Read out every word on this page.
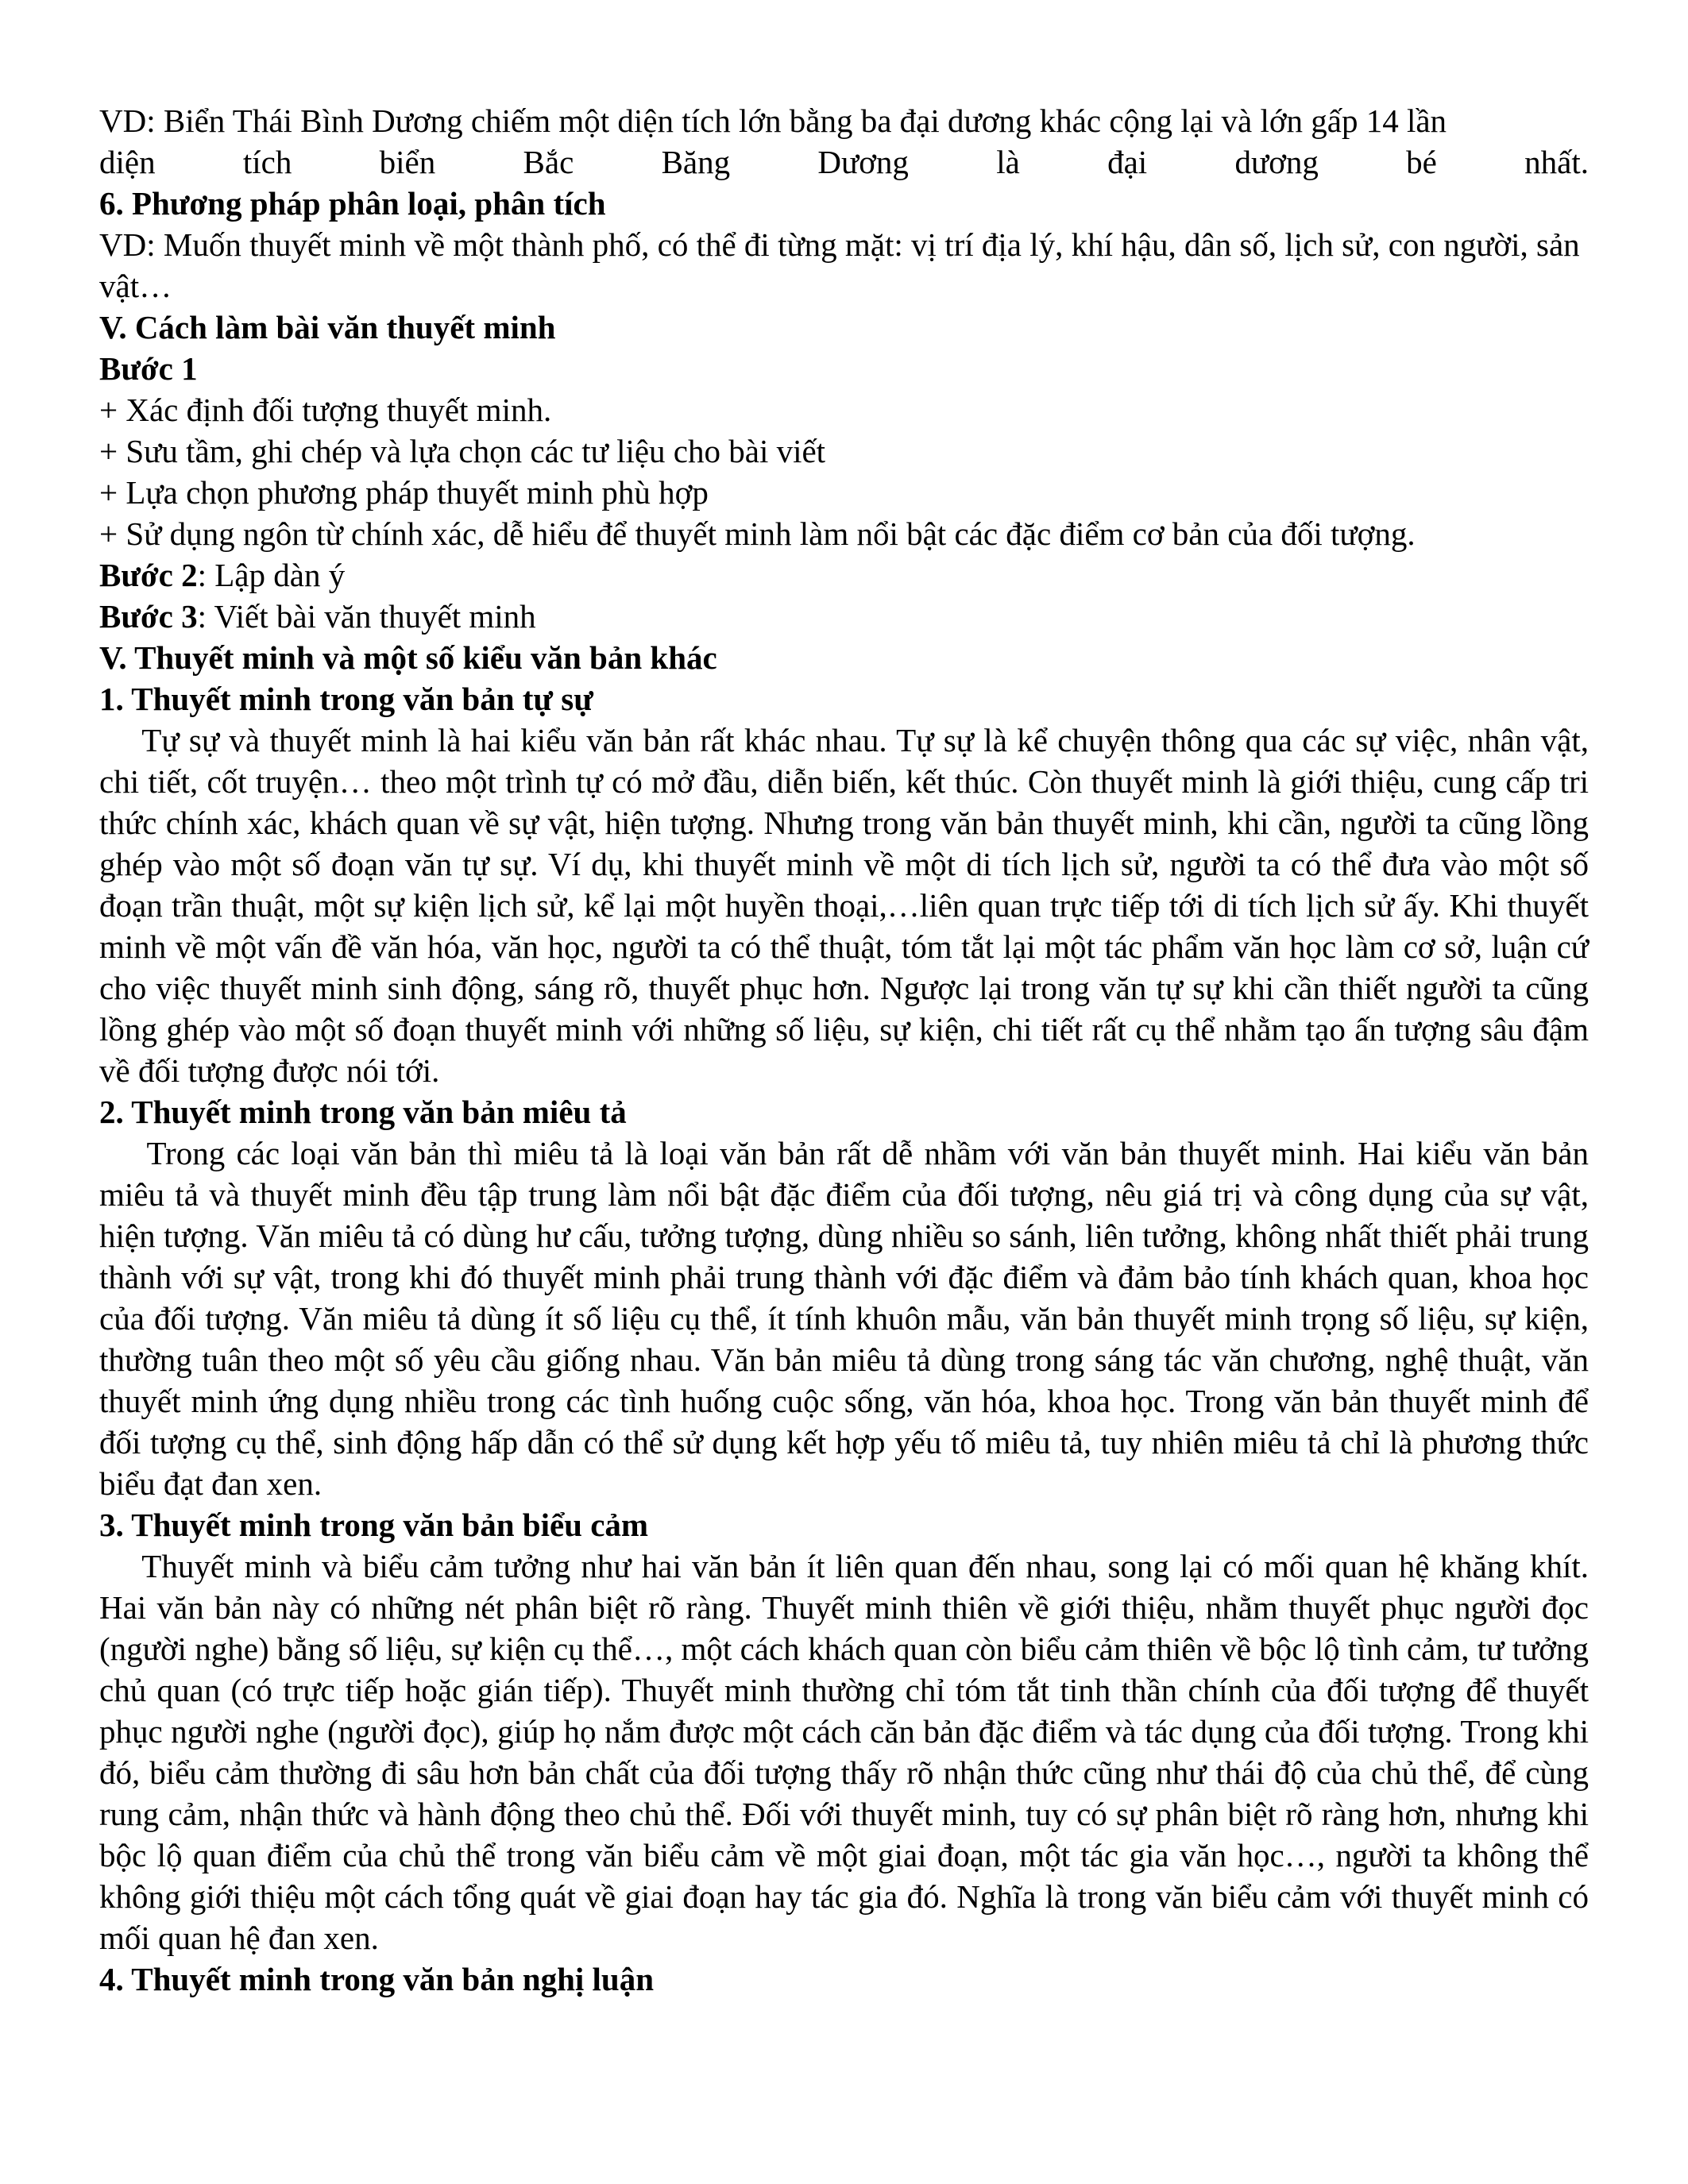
VD: Biển Thái Bình Dương chiếm một diện tích lớn bằng ba đại dương khác cộng lại và lớn gấp 14 lần

diện tích biển Bắc Băng Dương là đại dương bé nhất.

6. Phương pháp phân loại, phân tích

VD: Muốn thuyết minh về một thành phố, có thể đi từng mặt: vị trí địa lý, khí hậu, dân số, lịch sử, con người, sản vật…

V. Cách làm bài văn thuyết minh

Bước 1

+ Xác định đối tượng thuyết minh.

+ Sưu tầm, ghi chép và lựa chọn các tư liệu cho bài viết

+ Lựa chọn phương pháp thuyết minh phù hợp

+ Sử dụng ngôn từ chính xác, dễ hiểu để thuyết minh làm nổi bật các đặc điểm cơ bản của đối tượng.

Bước 2: Lập dàn ý

Bước 3: Viết bài văn thuyết minh

V. Thuyết minh và một số kiểu văn bản khác

1. Thuyết minh trong văn bản tự sự

Tự sự và thuyết minh là hai kiểu văn bản rất khác nhau. Tự sự là kể chuyện thông qua các sự việc, nhân vật, chi tiết, cốt truyện… theo một trình tự có mở đầu, diễn biến, kết thúc. Còn thuyết minh là giới thiệu, cung cấp tri thức chính xác, khách quan về sự vật, hiện tượng. Nhưng trong văn bản thuyết minh, khi cần, người ta cũng lồng ghép vào một số đoạn văn tự sự. Ví dụ, khi thuyết minh về một di tích lịch sử, người ta có thể đưa vào một số đoạn trần thuật, một sự kiện lịch sử, kể lại một huyền thoại,…liên quan trực tiếp tới di tích lịch sử ấy. Khi thuyết minh về một vấn đề văn hóa, văn học, người ta có thể thuật, tóm tắt lại một tác phẩm văn học làm cơ sở, luận cứ cho việc thuyết minh sinh động, sáng rõ, thuyết phục hơn. Ngược lại trong văn tự sự khi cần thiết người ta cũng lồng ghép vào một số đoạn thuyết minh với những số liệu, sự kiện, chi tiết rất cụ thể nhằm tạo ấn tượng sâu đậm về đối tượng được nói tới.

2. Thuyết minh trong văn bản miêu tả

Trong các loại văn bản thì miêu tả là loại văn bản rất dễ nhầm với văn bản thuyết minh. Hai kiểu văn bản miêu tả và thuyết minh đều tập trung làm nổi bật đặc điểm của đối tượng, nêu giá trị và công dụng của sự vật, hiện tượng. Văn miêu tả có dùng hư cấu, tưởng tượng, dùng nhiều so sánh, liên tưởng, không nhất thiết phải trung thành với sự vật, trong khi đó thuyết minh phải trung thành với đặc điểm và đảm bảo tính khách quan, khoa học của đối tượng. Văn miêu tả dùng ít số liệu cụ thể, ít tính khuôn mẫu, văn bản thuyết minh trọng số liệu, sự kiện, thường tuân theo một số yêu cầu giống nhau. Văn bản miêu tả dùng trong sáng tác văn chương, nghệ thuật, văn thuyết minh ứng dụng nhiều trong các tình huống cuộc sống, văn hóa, khoa học. Trong văn bản thuyết minh để đối tượng cụ thể, sinh động hấp dẫn có thể sử dụng kết hợp yếu tố miêu tả, tuy nhiên miêu tả chỉ là phương thức biểu đạt đan xen.

3. Thuyết minh trong văn bản biểu cảm

Thuyết minh và biểu cảm tưởng như hai văn bản ít liên quan đến nhau, song lại có mối quan hệ khăng khít. Hai văn bản này có những nét phân biệt rõ ràng. Thuyết minh thiên về giới thiệu, nhằm thuyết phục người đọc (người nghe) bằng số liệu, sự kiện cụ thể…, một cách khách quan còn biểu cảm thiên về bộc lộ tình cảm, tư tưởng chủ quan (có trực tiếp hoặc gián tiếp). Thuyết minh thường chỉ tóm tắt tinh thần chính của đối tượng để thuyết phục người nghe (người đọc), giúp họ nắm được một cách căn bản đặc điểm và tác dụng của đối tượng. Trong khi đó, biểu cảm thường đi sâu hơn bản chất của đối tượng thấy rõ nhận thức cũng như thái độ của chủ thể, để cùng rung cảm, nhận thức và hành động theo chủ thể. Đối với thuyết minh, tuy có sự phân biệt rõ ràng hơn, nhưng khi bộc lộ quan điểm của chủ thể trong văn biểu cảm về một giai đoạn, một tác gia văn học…, người ta không thể không giới thiệu một cách tổng quát về giai đoạn hay tác gia đó. Nghĩa là trong văn biểu cảm với thuyết minh có mối quan hệ đan xen.

4. Thuyết minh trong văn bản nghị luận
